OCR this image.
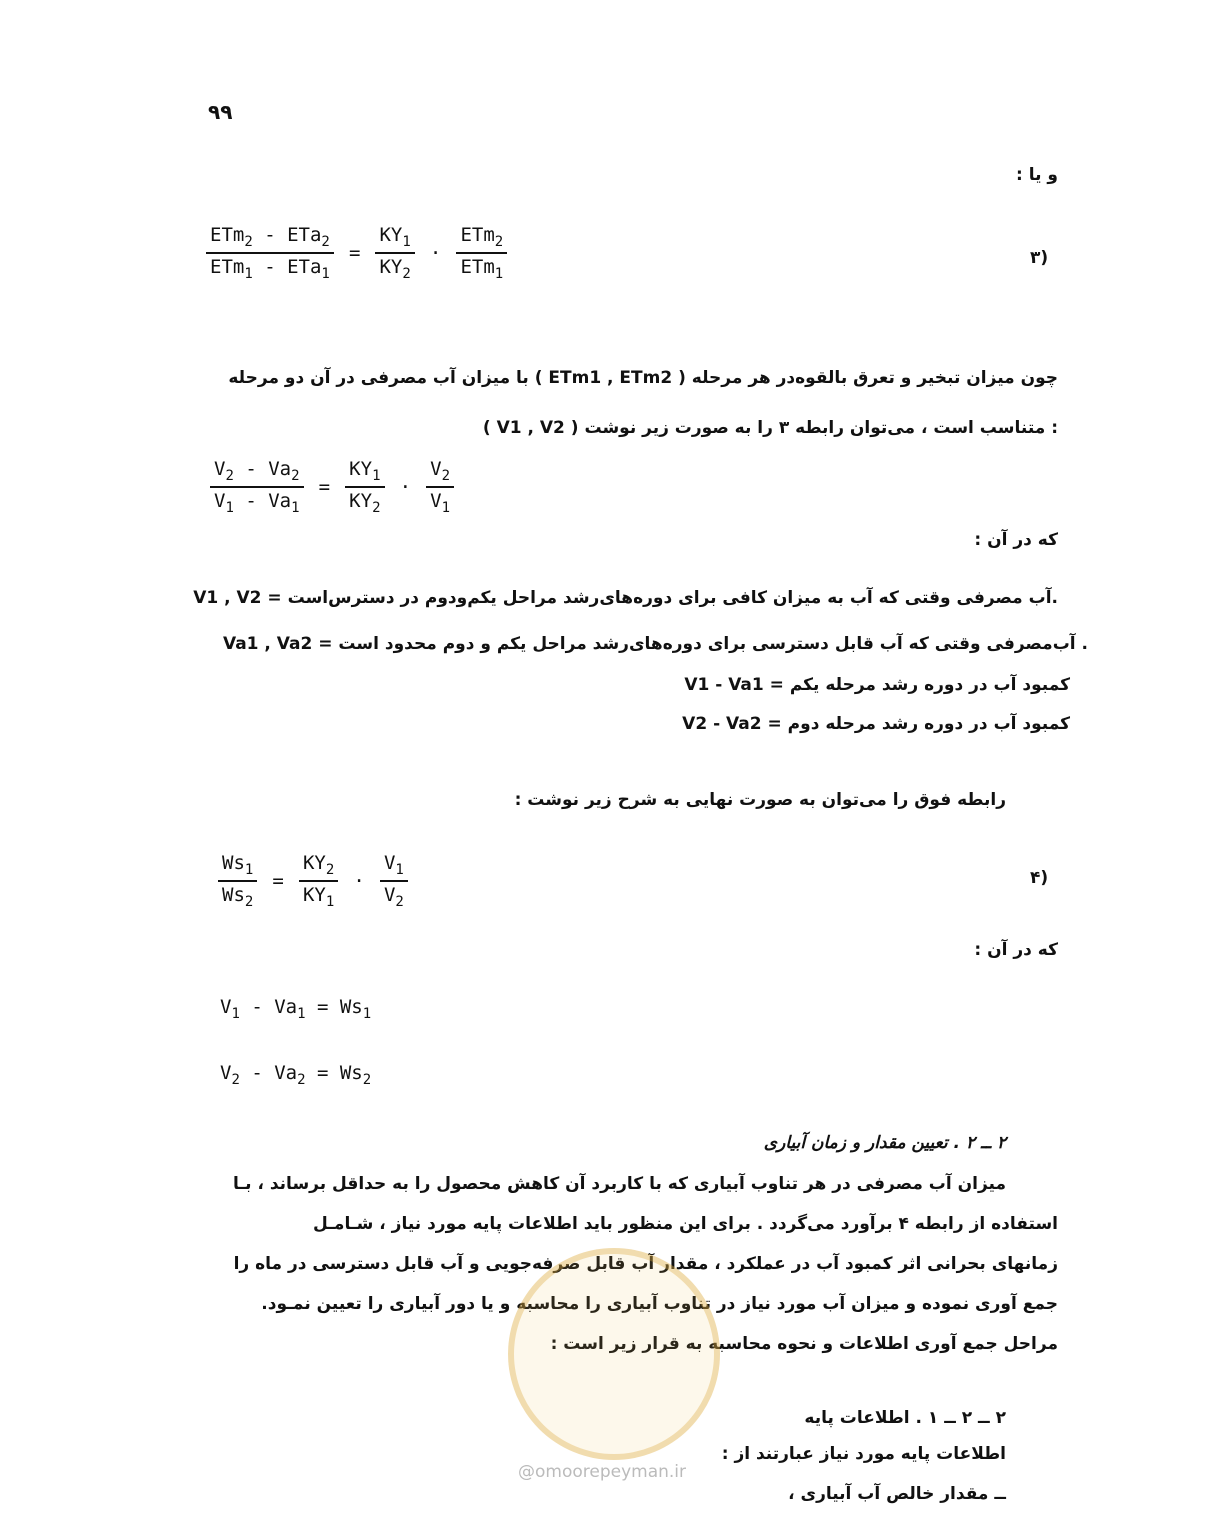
۹۹
و یا :
۳)
$\frac{ETm_2 - ETa_2}{ETm_1 - ETa_1} = \frac{KY_1}{KY_2} \cdot \frac{ETm_2}{ETm_1}$
چون میزان تبخیر و تعرق بالقوه‌در هر مرحله ( ETm1 , ETm2 ) با میزان آب مصرفی در آن دو مرحله
( V1 , V2 ) متناسب است ، می‌توان رابطه ۳ را به صورت زیر نوشت :
$\frac{V_2 - Va_2}{V_1 - Va_1} = \frac{KY_1}{KY_2} \cdot \frac{V_2}{V_1}$
که در آن :
V1 , V2 = آب مصرفی وقتی که آب به میزان کافی برای دوره‌های‌رشد مراحل یکم‌ودوم در دسترس‌است.
Va1 , Va2 = آب‌مصرفی وقتی که آب قابل دسترسی برای دوره‌های‌رشد مراحل یکم و دوم محدود است .
V1 - Va1 = کمبود آب در دوره رشد مرحله یکم
V2 - Va2 = کمبود آب در دوره رشد مرحله دوم
رابطه فوق را می‌توان به صورت نهایی به شرح زیر نوشت :
۴)
$\frac{Ws_1}{Ws_2} = \frac{KY_2}{KY_1} \cdot \frac{V_1}{V_2}$
که در آن :
$V_1 - Va_1 = Ws_1$
$V_2 - Va_2 = Ws_2$
۲ ــ ۲ . تعیین مقدار و زمان آبیاری
میزان آب مصرفی در هر تناوب آبیاری که با کاربرد آن کاهش محصول را به حداقل برساند ، بـا
استفاده از رابطه ۴ برآورد می‌گردد . برای این منظور باید اطلاعات پایه مورد نیاز ، شـامـل
زمانهای بحرانی اثر کمبود آب در عملکرد ، مقدار آب قابل صرفه‌جویی و آب قابل دسترسی در ماه را
جمع آوری نموده و میزان آب مورد نیاز در تناوب آبیاری را محاسبه و یا دور آبیاری را تعیین نمـود.
مراحل جمع آوری اطلاعات و نحوه محاسبه به قرار زیر است :
@omoorepeyman.ir
۲ ــ ۲ ــ ۱ . اطلاعات پایه
اطلاعات پایه مورد نیاز عبارتند از :
ــ مقدار خالص آب آبیاری ،
